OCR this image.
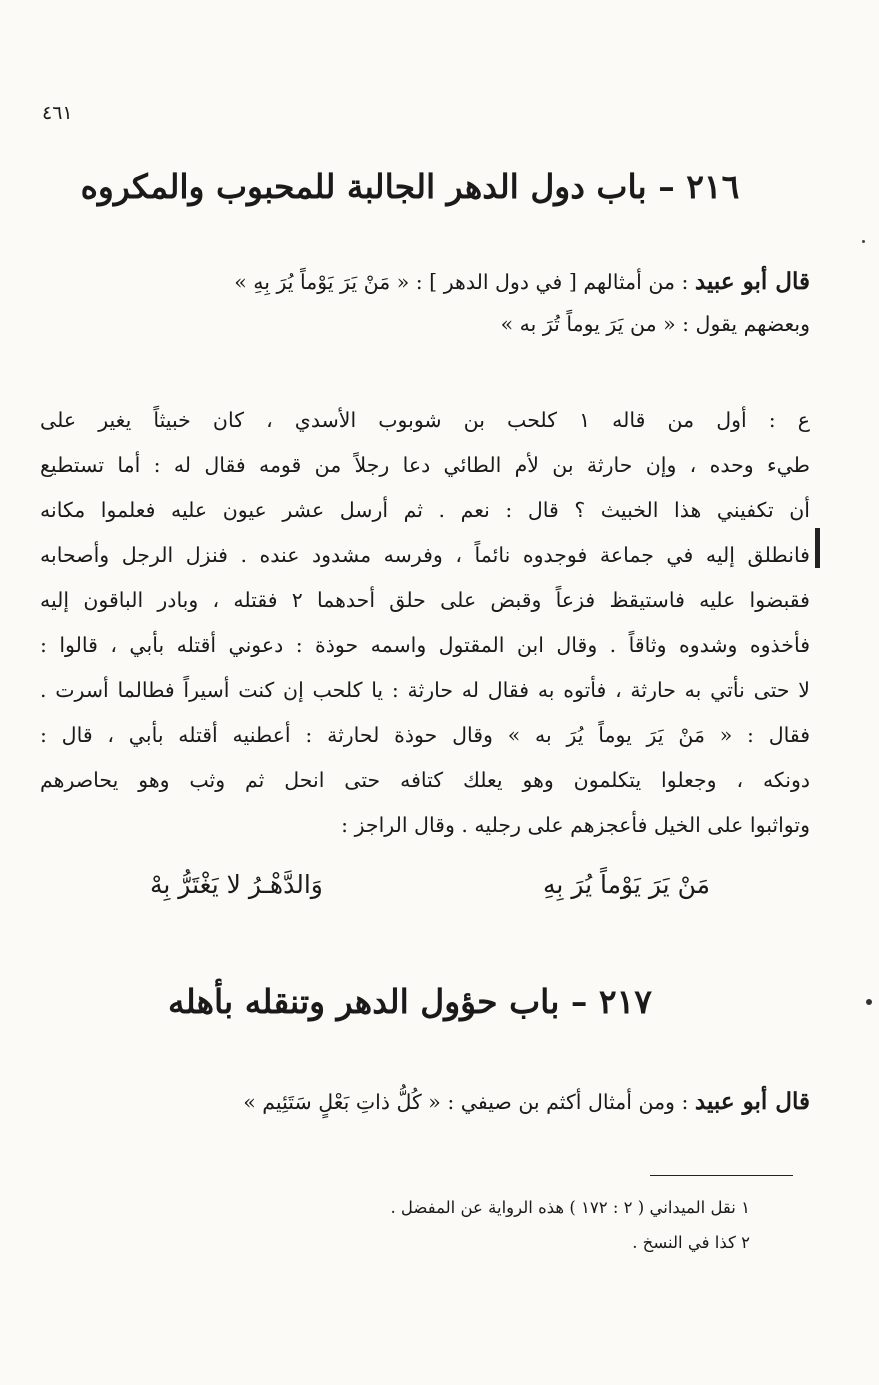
٤٦١
٢١٦ – باب دول الدهر الجالبة للمحبوب والمكروه
قال أبو عبيد : من أمثالهم [ في دول الدهر ] : « مَنْ يَرَ يَوْماً يُرَ بِهِ »
وبعضهم يقول : « من يَرَ يوماً تُرَ به »
ع : أول من قاله ١ كلحب بن شوبوب الأسدي ، كان خبيثاً يغير على
طيء وحده ، وإن حارثة بن لأم الطائي دعا رجلاً من قومه فقال له : أما تستطيع
أن تكفيني هذا الخبيث ؟ قال : نعم . ثم أرسل عشر عيون عليه فعلموا مكانه
فانطلق إليه في جماعة فوجدوه نائماً ، وفرسه مشدود عنده . فنزل الرجل وأصحابه
فقبضوا عليه فاستيقظ فزعاً وقبض على حلق أحدهما ٢ فقتله ، وبادر الباقون إليه
فأخذوه وشدوه وثاقاً . وقال ابن المقتول واسمه حوذة : دعوني أقتله بأبي ، قالوا :
لا حتى نأتي به حارثة ، فأتوه به فقال له حارثة : يا كلحب إن كنت أسيراً فطالما أسرت .
فقال : « مَنْ يَرَ يوماً يُرَ به » وقال حوذة لحارثة : أعطنيه أقتله بأبي ، قال :
دونكه ، وجعلوا يتكلمون وهو يعلك كتافه حتى انحل ثم وثب وهو يحاصرهم
وتواثبوا على الخيل فأعجزهم على رجليه . وقال الراجز :
مَنْ يَرَ يَوْماً يُرَ بِهِ
وَالدَّهْـرُ لا يَغْتَرُّ بِهْ
٢١٧ – باب حؤول الدهر وتنقله بأهله
قال أبو عبيد : ومن أمثال أكثم بن صيفي : « كُلُّ ذاتِ بَعْلٍ سَتَئِيم »
١ نقل الميداني ( ٢ : ١٧٢ ) هذه الرواية عن المفضل .
٢ كذا في النسخ .
